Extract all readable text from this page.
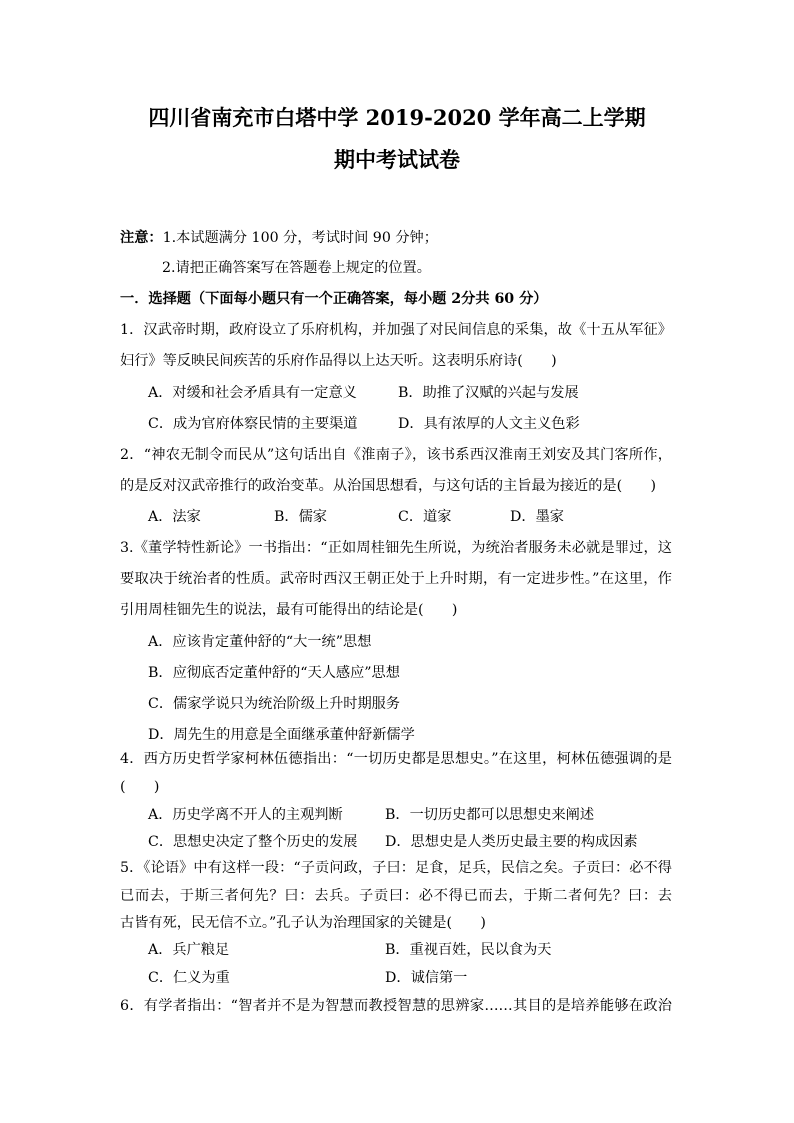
四川省南充市白塔中学 2019-2020 学年高二上学期
期中考试试卷
注意：1.本试题满分 100 分，考试时间 90 分钟；
2.请把正确答案写在答题卷上规定的位置。
一．选择题（下面每小题只有一个正确答案，每小题 2分共 60 分）
1．汉武帝时期，政府设立了乐府机构，并加强了对民间信息的采集，故《十五从军征》
妇行》等反映民间疾苦的乐府作品得以上达天听。这表明乐府诗(　　)
A．对缓和社会矛盾具有一定意义	B．助推了汉赋的兴起与发展
C．成为官府体察民情的主要渠道	D．具有浓厚的人文主义色彩
2．“神农无制令而民从”这句话出自《淮南子》，该书系西汉淮南王刘安及其门客所作，
的是反对汉武帝推行的政治变革。从治国思想看，与这句话的主旨最为接近的是(　　)
A．法家	B．儒家	C．道家	D．墨家
3.《董学特性新论》一书指出：“正如周桂钿先生所说，为统治者服务未必就是罪过，这
要取决于统治者的性质。武帝时西汉王朝正处于上升时期，有一定进步性。”在这里，作
引用周桂钿先生的说法，最有可能得出的结论是(　　)
A．应该肯定董仲舒的“大一统”思想
B．应彻底否定董仲舒的“天人感应”思想
C．儒家学说只为统治阶级上升时期服务
D．周先生的用意是全面继承董仲舒新儒学
4．西方历史哲学家柯林伍德指出：“一切历史都是思想史。”在这里，柯林伍德强调的是
(　　)
A．历史学离不开人的主观判断	B．一切历史都可以思想史来阐述
C．思想史决定了整个历史的发展 D．思想史是人类历史最主要的构成因素
5．《论语》中有这样一段：“子贡问政，子曰：足食，足兵，民信之矣。子贡曰：必不得
已而去，于斯三者何先？曰：去兵。子贡曰：必不得已而去，于斯二者何先？曰：去
古皆有死，民无信不立。”孔子认为治理国家的关键是(　　)
A．兵广粮足	B．重视百姓，民以食为天
C．仁义为重	D．诚信第一
6．有学者指出：“智者并不是为智慧而教授智慧的思辨家……其目的是培养能够在政治
